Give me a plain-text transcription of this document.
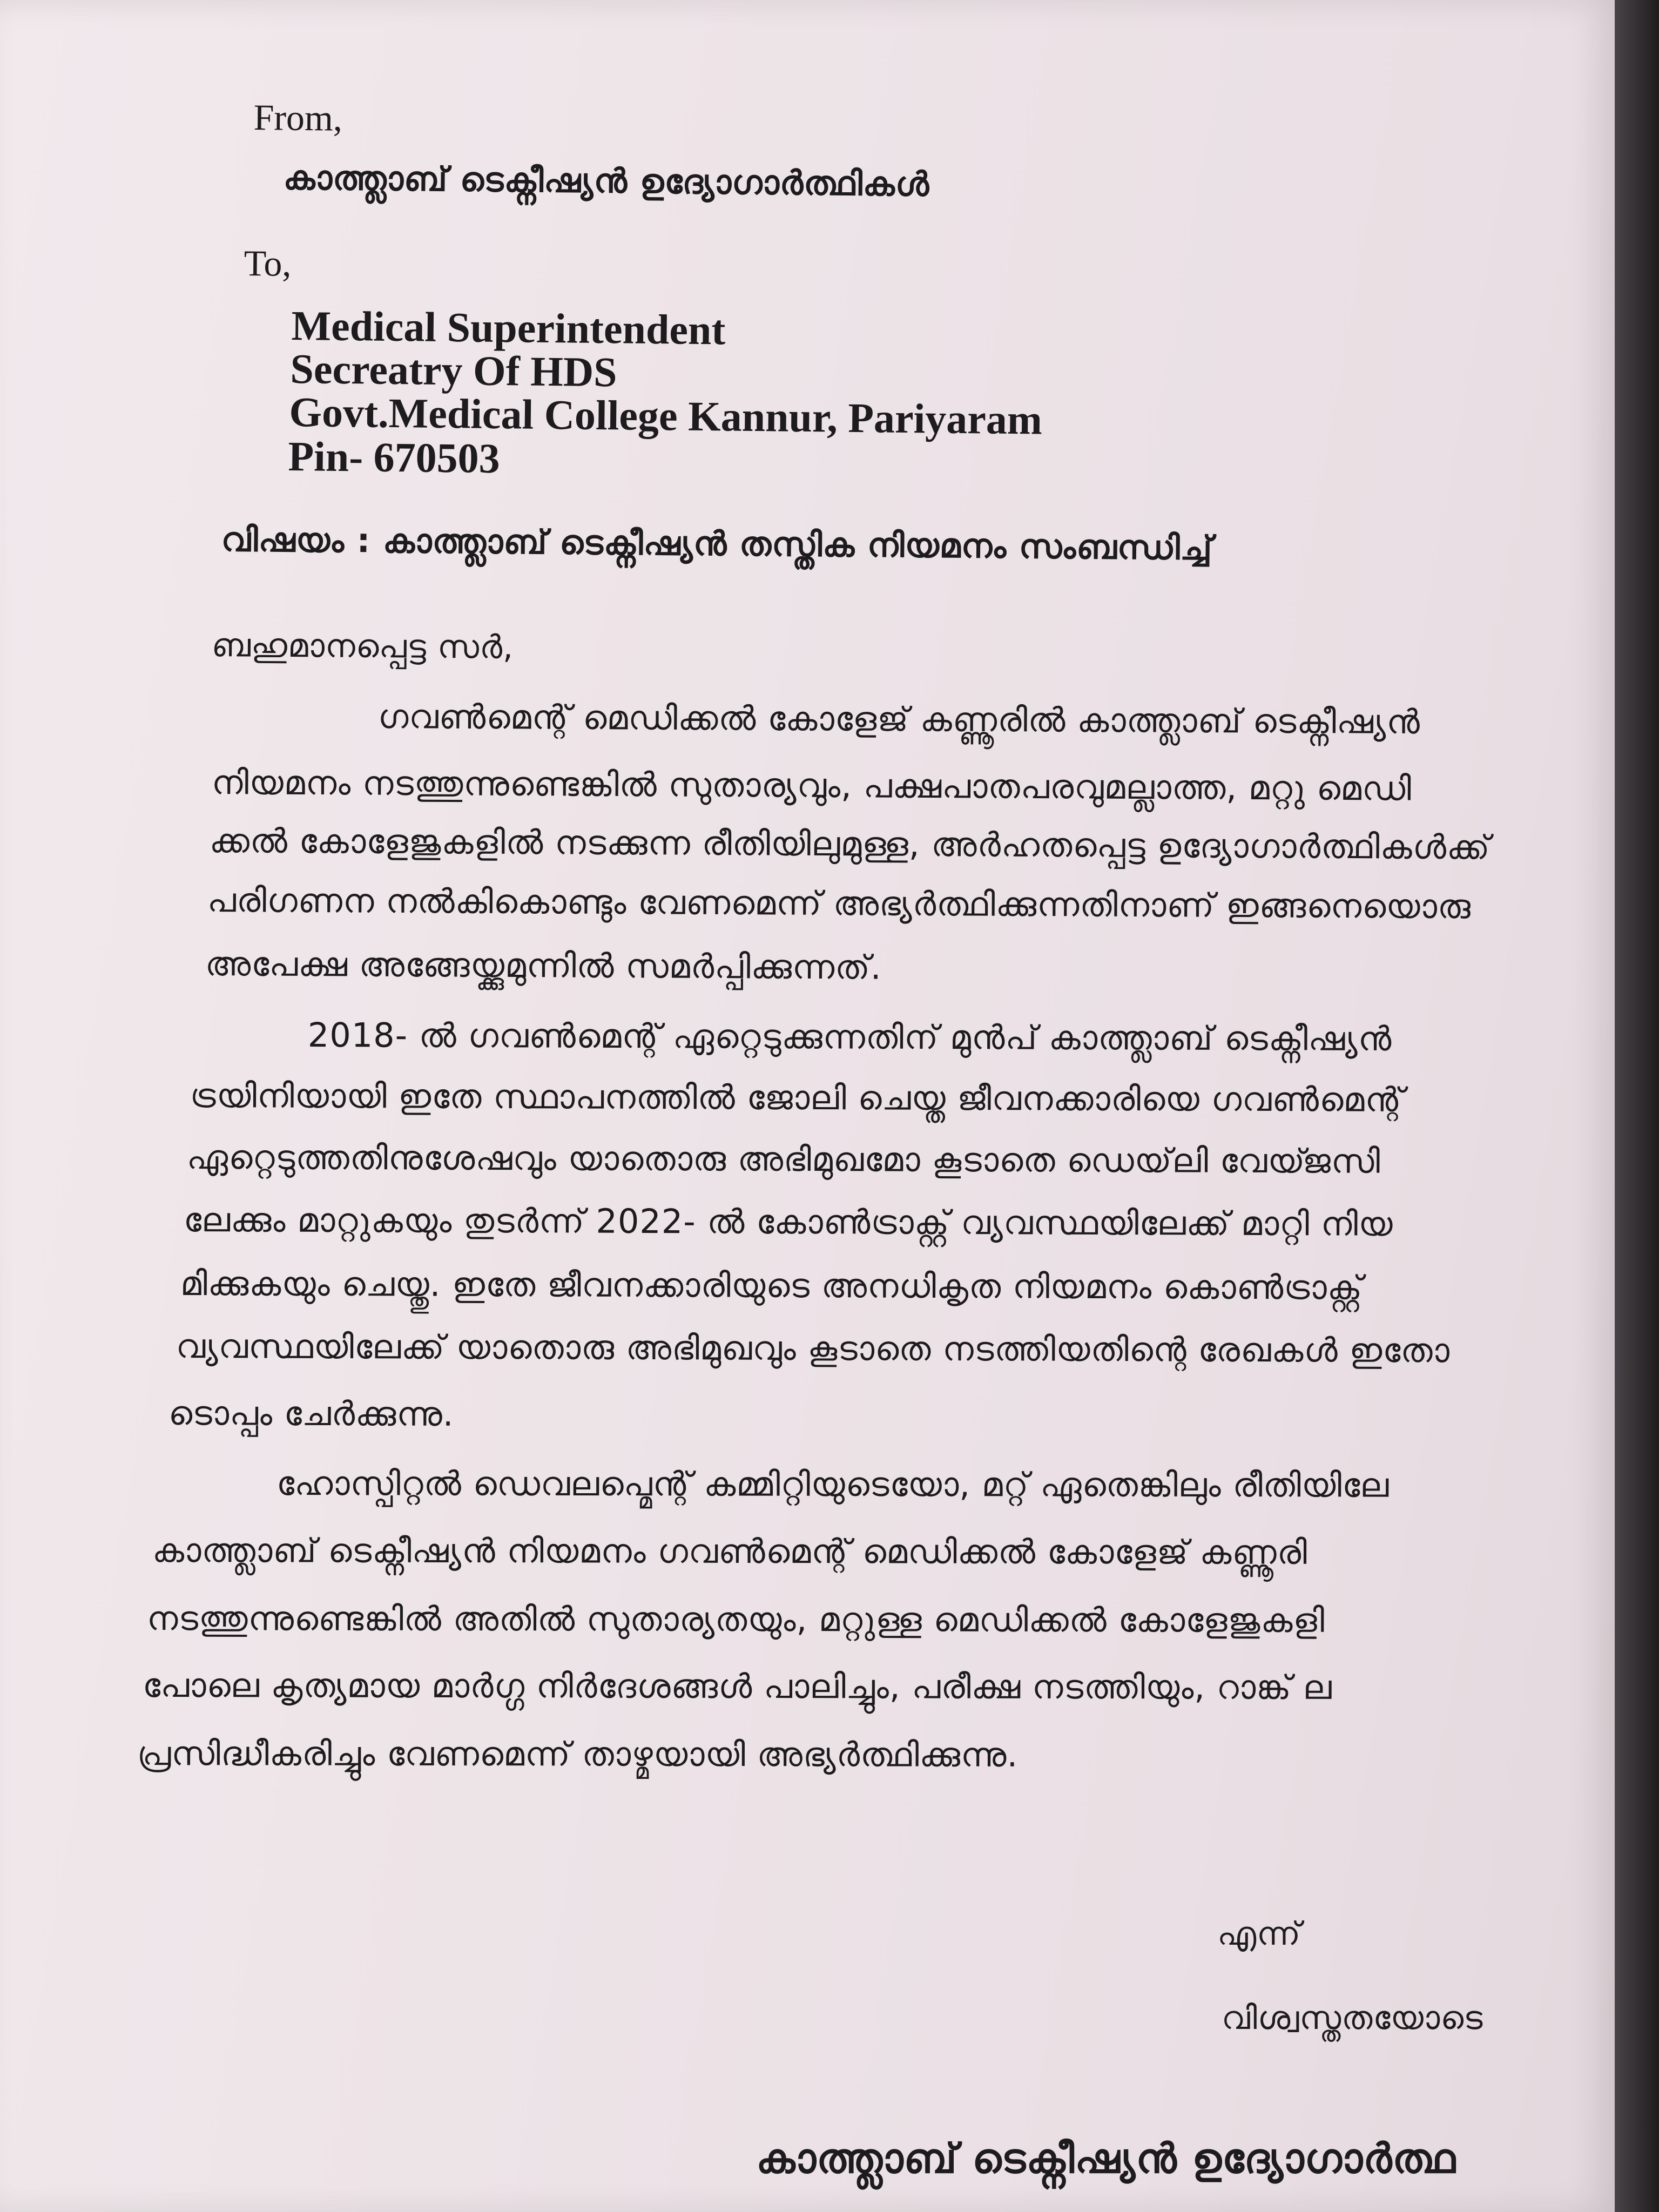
From,
കാത്ത്ലാബ് ടെക്നീഷ്യൻ ഉദ്യോഗാർത്ഥികൾ
To,
Medical Superintendent
Secreatry Of HDS
Govt.Medical College Kannur, Pariyaram
Pin- 670503
വിഷയം : കാത്ത്ലാബ് ടെക്നീഷ്യൻ തസ്തിക നിയമനം സംബന്ധിച്ച്
ബഹുമാനപ്പെട്ട സർ,
ഗവൺമെന്റ് മെഡിക്കൽ കോളേജ് കണ്ണൂരിൽ കാത്ത്ലാബ് ടെക്നീഷ്യൻ
നിയമനം നടത്തുന്നുണ്ടെങ്കിൽ സുതാര്യവും, പക്ഷപാതപരവുമല്ലാത്ത, മറ്റു മെഡി
ക്കൽ കോളേജുകളിൽ നടക്കുന്ന രീതിയിലുമുള്ള, അർഹതപ്പെട്ട ഉദ്യോഗാർത്ഥികൾക്ക്
പരിഗണന നൽകികൊണ്ടും വേണമെന്ന് അഭ്യർത്ഥിക്കുന്നതിനാണ് ഇങ്ങനെയൊരു
അപേക്ഷ അങ്ങേയ്ക്കുമുന്നിൽ സമർപ്പിക്കുന്നത്.
2018- ൽ ഗവൺമെന്റ് ഏറ്റെടുക്കുന്നതിന് മുൻപ് കാത്ത്ലാബ് ടെക്നീഷ്യൻ
ട്രയിനിയായി ഇതേ സ്ഥാപനത്തിൽ ജോലി ചെയ്ത ജീവനക്കാരിയെ ഗവൺമെന്റ്
ഏറ്റെടുത്തതിനുശേഷവും യാതൊരു അഭിമുഖമോ കൂടാതെ ഡെയ്‌ലി വേയ്ജസി
ലേക്കും മാറ്റുകയും തുടർന്ന് 2022- ൽ കോൺട്രാക്റ്റ് വ്യവസ്ഥയിലേക്ക് മാറ്റി നിയ
മിക്കുകയും ചെയ്തു. ഇതേ ജീവനക്കാരിയുടെ അനധികൃത നിയമനം കൊൺട്രാക്റ്റ്
വ്യവസ്ഥയിലേക്ക് യാതൊരു അഭിമുഖവും കൂടാതെ നടത്തിയതിന്റെ രേഖകൾ ഇതോ
ടൊപ്പം ചേർക്കുന്നു.
ഹോസ്പിറ്റൽ ഡെവലപ്മെന്റ് കമ്മിറ്റിയുടെയോ, മറ്റ് ഏതെങ്കിലും രീതിയിലേ
കാത്ത്ലാബ് ടെക്നീഷ്യൻ നിയമനം ഗവൺമെന്റ് മെഡിക്കൽ കോളേജ് കണ്ണൂരി
നടത്തുന്നുണ്ടെങ്കിൽ അതിൽ സുതാര്യതയും, മറ്റുള്ള മെഡിക്കൽ കോളേജുകളി
പോലെ കൃത്യമായ മാർഗ്ഗ നിർദേശങ്ങൾ പാലിച്ചും, പരീക്ഷ നടത്തിയും, റാങ്ക് ല
പ്രസിദ്ധീകരിച്ചും വേണമെന്ന് താഴ്മയായി അഭ്യർത്ഥിക്കുന്നു.
എന്ന്
വിശ്വസ്തതയോടെ
കാത്ത്ലാബ് ടെക്നീഷ്യൻ ഉദ്യോഗാർത്ഥ
